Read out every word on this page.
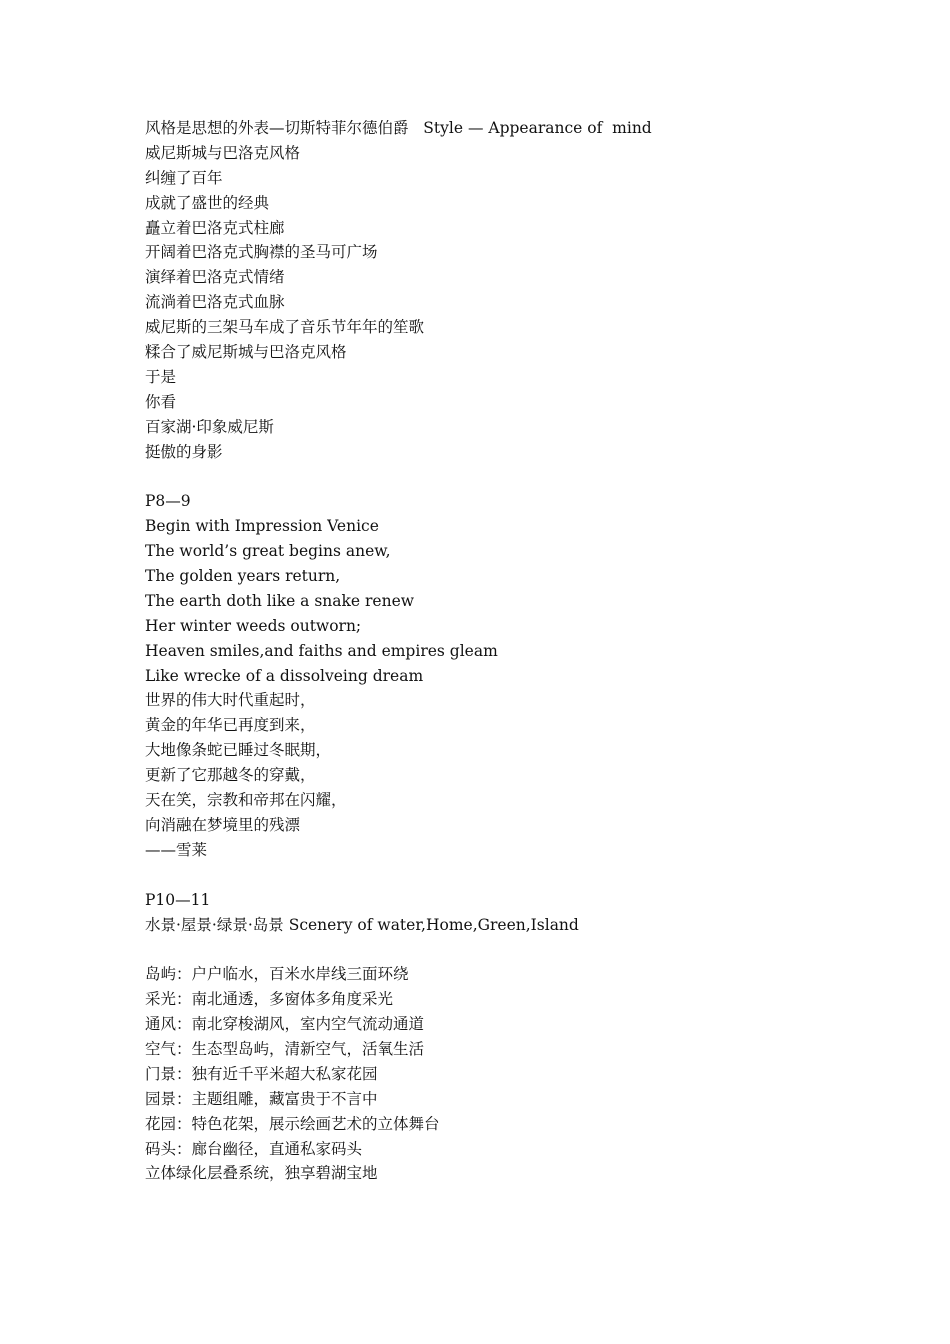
风格是思想的外表—切斯特菲尔德伯爵   Style — Appearance of  mind
威尼斯城与巴洛克风格
纠缠了百年
成就了盛世的经典
矗立着巴洛克式柱廊
开阔着巴洛克式胸襟的圣马可广场
演绎着巴洛克式情绪
流淌着巴洛克式血脉
威尼斯的三架马车成了音乐节年年的笙歌
糅合了威尼斯城与巴洛克风格
于是
你看
百家湖·印象威尼斯
挺傲的身影
P8—9
Begin with Impression Venice
The world’s great begins anew,
The golden years return,
The earth doth like a snake renew
Her winter weeds outworn;
Heaven smiles,and faiths and empires gleam
Like wrecke of a dissolveing dream
世界的伟大时代重起时，
黄金的年华已再度到来，
大地像条蛇已睡过冬眠期，
更新了它那越冬的穿戴，
天在笑，宗教和帝邦在闪耀，
向消融在梦境里的残漂
——雪莱
P10—11
水景·屋景·绿景·岛景 Scenery of water,Home,Green,Island
岛屿：户户临水，百米水岸线三面环绕
采光：南北通透，多窗体多角度采光
通风：南北穿梭湖风，室内空气流动通道
空气：生态型岛屿，清新空气，活氧生活
门景：独有近千平米超大私家花园
园景：主题组雕，藏富贵于不言中
花园：特色花架，展示绘画艺术的立体舞台
码头：廊台幽径，直通私家码头
立体绿化层叠系统，独享碧湖宝地
